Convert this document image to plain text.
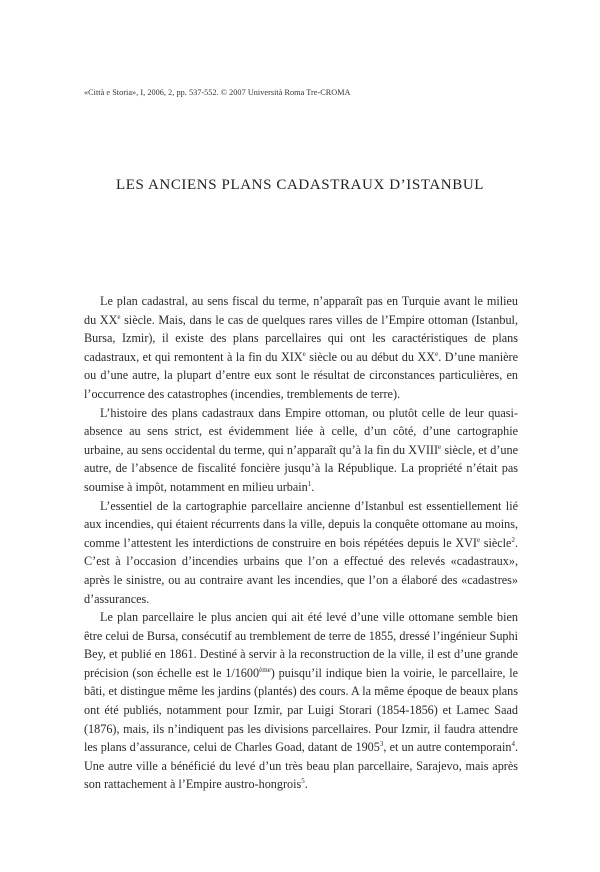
«Città e Storia», I, 2006, 2, pp. 537-552. © 2007 Università Roma Tre-CROMA
LES ANCIENS PLANS CADASTRAUX D’ISTANBUL

Le plan cadastral, au sens fiscal du terme, n’apparaît pas en Turquie avant le milieu du XXe siècle. Mais, dans le cas de quelques rares villes de l’Empire ottoman (Istanbul, Bursa, Izmir), il existe des plans parcellaires qui ont les caractéristiques de plans cadastraux, et qui remontent à la fin du XIXe siècle ou au début du XXe. D’une manière ou d’une autre, la plupart d’entre eux sont le résultat de circonstances particulières, en l’occurrence des catastrophes (incendies, tremblements de terre).

L’histoire des plans cadastraux dans Empire ottoman, ou plutôt celle de leur quasi-absence au sens strict, est évidemment liée à celle, d’un côté, d’une cartographie urbaine, au sens occidental du terme, qui n’apparaît qu’à la fin du XVIIIe siècle, et d’une autre, de l’absence de fiscalité foncière jusqu’à la République. La propriété n’était pas soumise à impôt, notamment en milieu urbain$^1$.

L’essentiel de la cartographie parcellaire ancienne d’Istanbul est essentiellement lié aux incendies, qui étaient récurrents dans la ville, depuis la conquête ottomane au moins, comme l’attestent les interdictions de construire en bois répétées depuis le XVIe siècle$^2$. C’est à l’occasion d’incendies urbains que l’on a effectué des relevés «cadastraux», après le sinistre, ou au contraire avant les incendies, que l’on a élaboré des «cadastres» d’assurances.

Le plan parcellaire le plus ancien qui ait été levé d’une ville ottomane semble bien être celui de Bursa, consécutif au tremblement de terre de 1855, dressé l’ingénieur Suphi Bey, et publié en 1861. Destiné à servir à la reconstruction de la ville, il est d’une grande précision (son échelle est le 1/1600ème) puisqu’il indique bien la voirie, le parcellaire, le bâti, et distingue même les jardins (plantés) des cours. A la même époque de beaux plans ont été publiés, notamment pour Izmir, par Luigi Storari (1854-1856) et Lamec Saad (1876), mais, ils n’indiquent pas les divisions parcellaires. Pour Izmir, il faudra attendre les plans d’assurance, celui de Charles Goad, datant de 1905$^3$, et un autre contemporain$^4$. Une autre ville a bénéficié du levé d’un très beau plan parcellaire, Sarajevo, mais après son rattachement à l’Empire austro-hongrois$^5$.
